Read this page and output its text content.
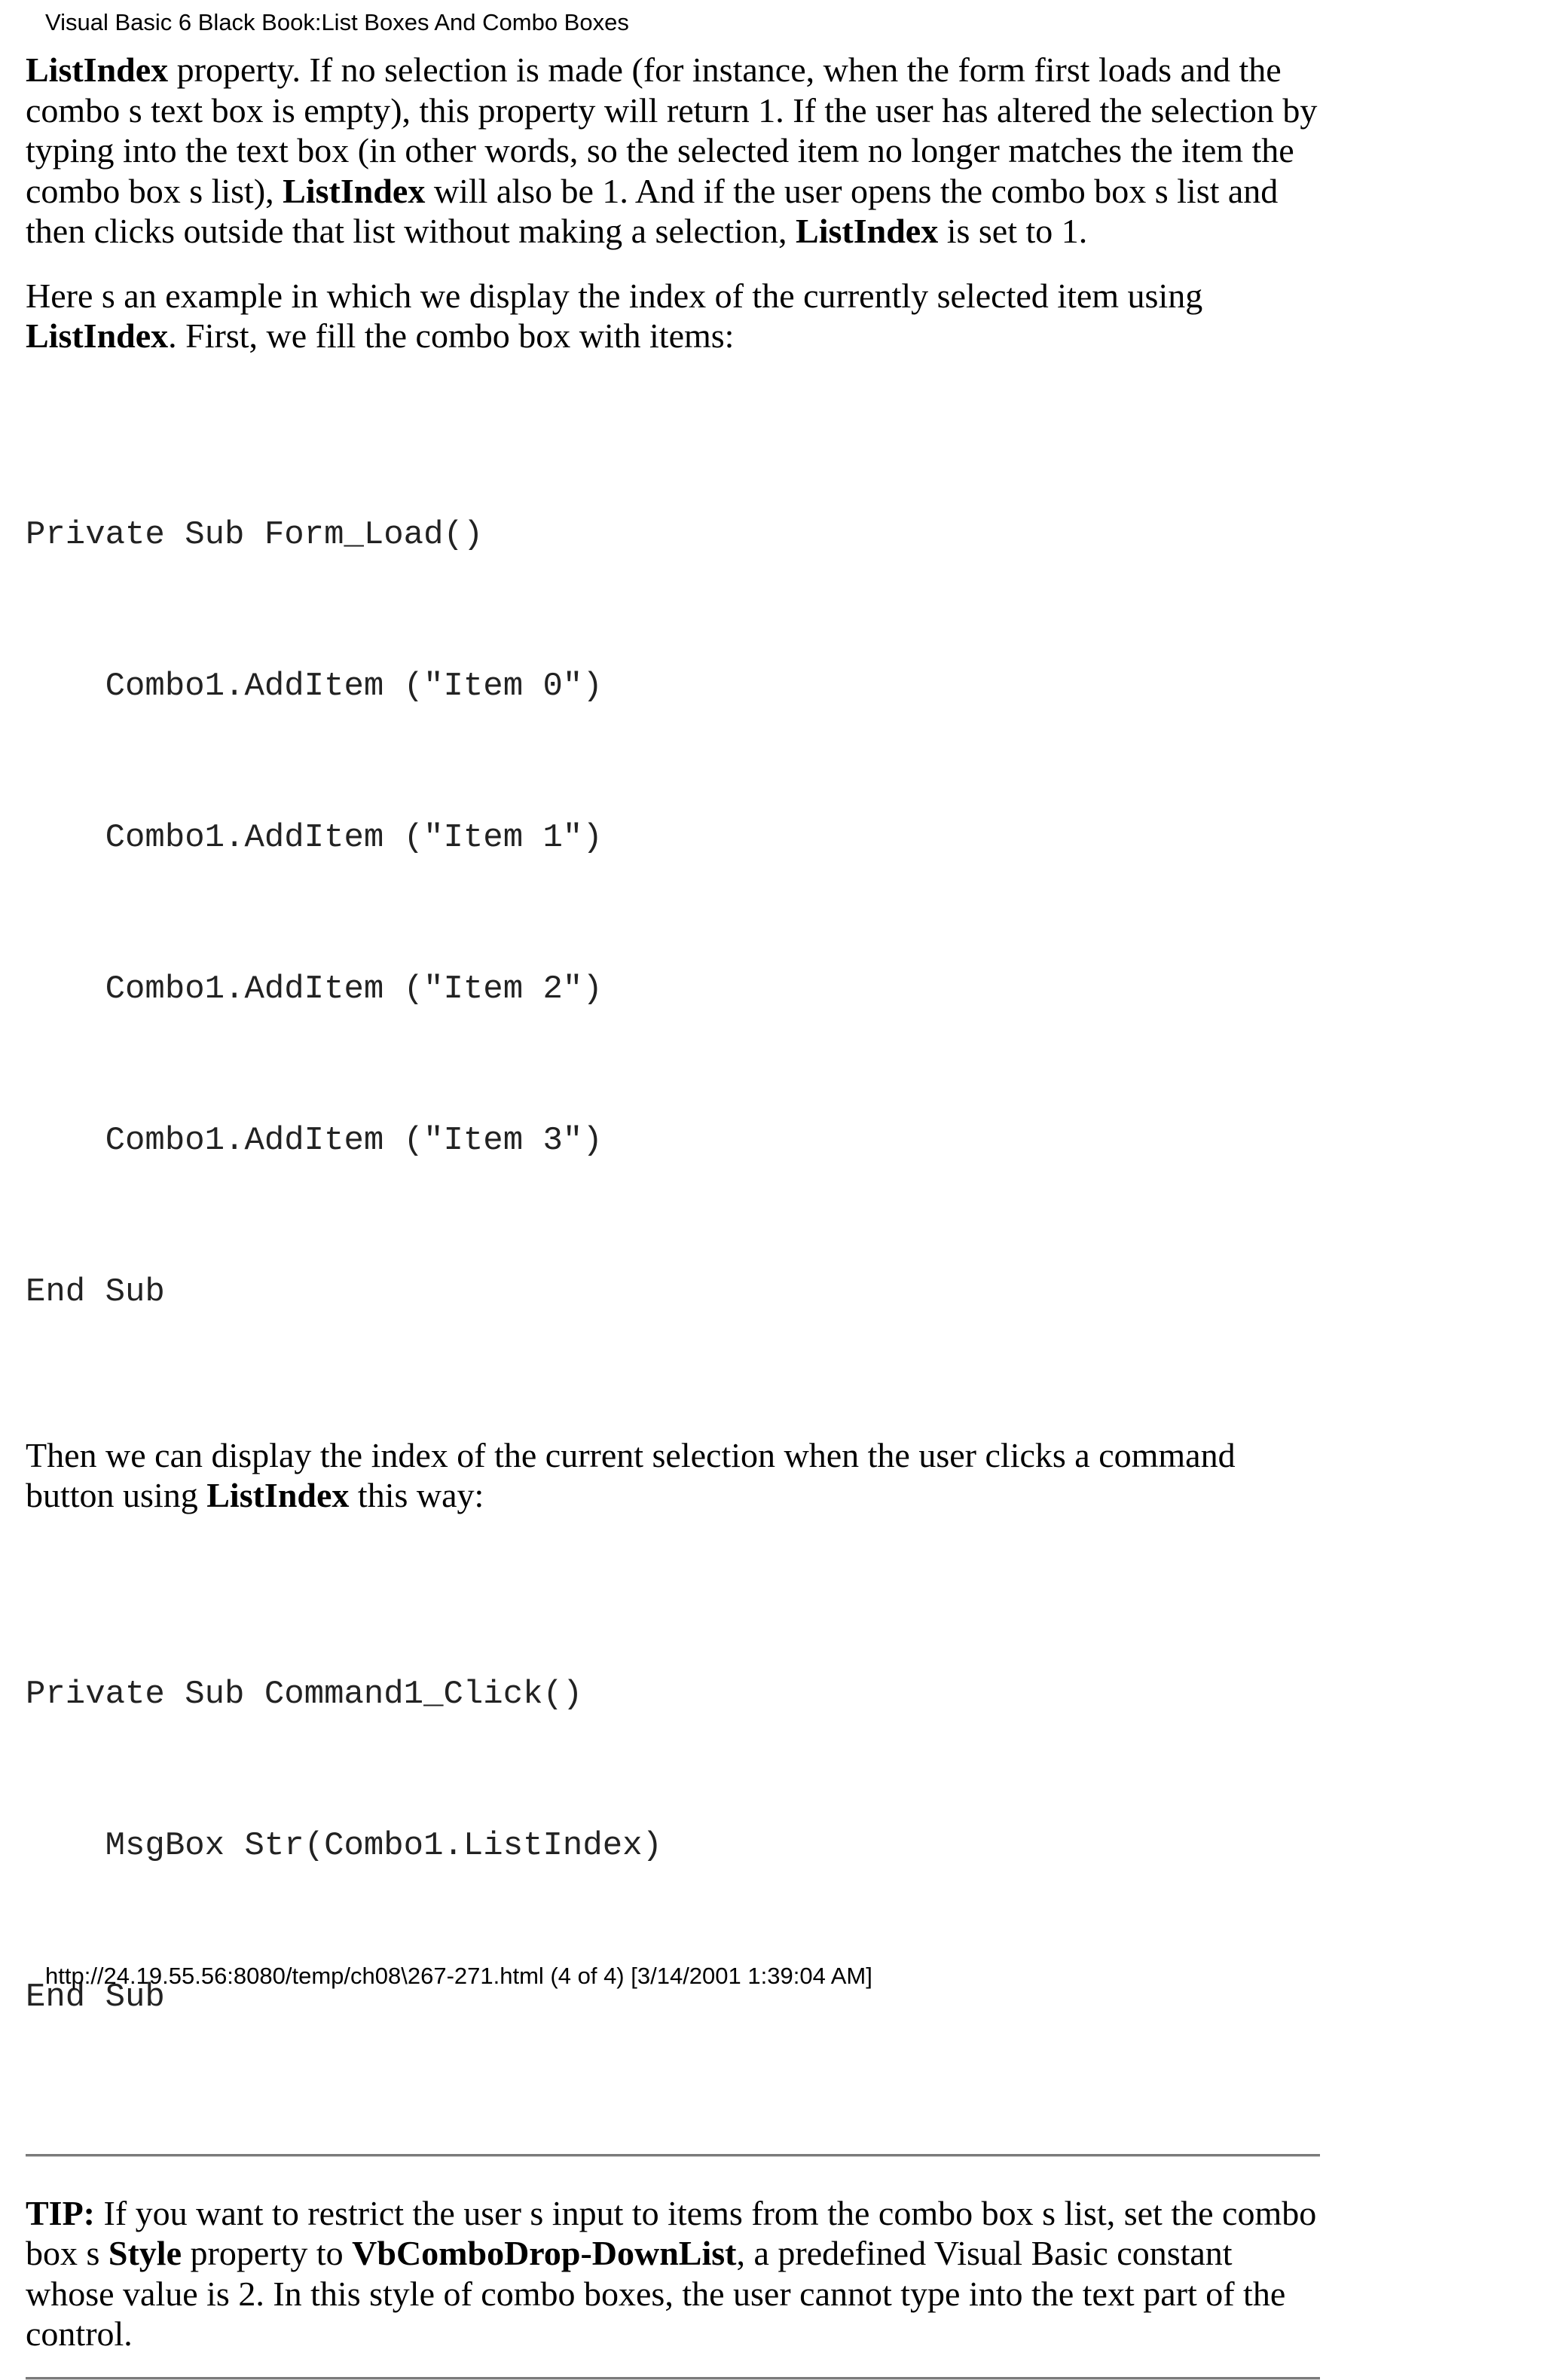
Visual Basic 6 Black Book:List Boxes And Combo Boxes

ListIndex property. If no selection is made (for instance, when the form first loads and the combo s text box is empty), this property will return 1. If the user has altered the selection by typing into the text box (in other words, so the selected item no longer matches the item the combo box s list), ListIndex will also be 1. And if the user opens the combo box s list and then clicks outside that list without making a selection, ListIndex is set to 1.

Here s an example in which we display the index of the currently selected item using ListIndex. First, we fill the combo box with items:

Private Sub Form_Load()

Combo1.AddItem ("Item 0")

Combo1.AddItem ("Item 1")

Combo1.AddItem ("Item 2")

Combo1.AddItem ("Item 3")

End Sub

Then we can display the index of the current selection when the user clicks a command button using ListIndex this way:

Private Sub Command1_Click()

MsgBox Str(Combo1.ListIndex)

End Sub

TIP: If you want to restrict the user s input to items from the combo box s list, set the combo box s Style property to VbComboDrop-DownList, a predefined Visual Basic constant whose value is 2. In this style of combo boxes, the user cannot type into the text part of the control.

http://24.19.55.56:8080/temp/ch08\267-271.html (4 of 4) [3/14/2001 1:39:04 AM]
